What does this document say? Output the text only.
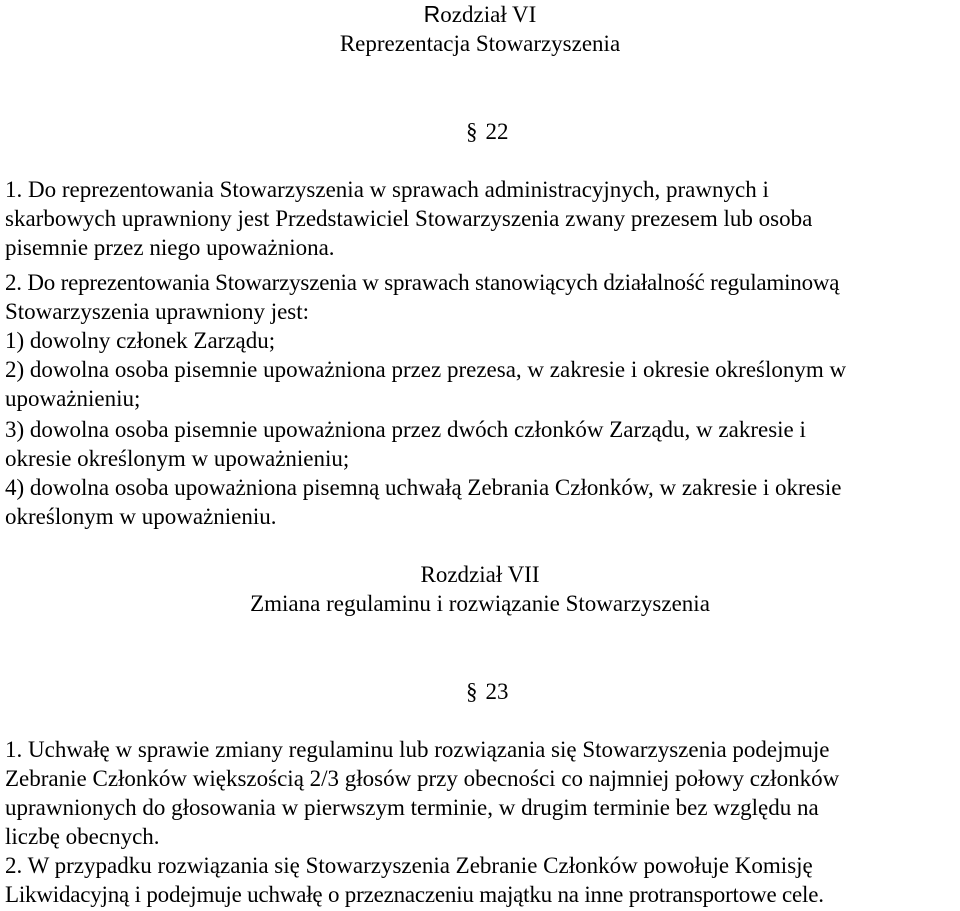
Rozdział VI
Reprezentacja Stowarzyszenia
§ 22
1. Do reprezentowania Stowarzyszenia w sprawach administracyjnych, prawnych i
skarbowych uprawniony jest Przedstawiciel Stowarzyszenia zwany prezesem lub osoba
pisemnie przez niego upoważniona.
2. Do reprezentowania Stowarzyszenia w sprawach stanowiących działalność regulaminową
Stowarzyszenia uprawniony jest:
1) dowolny członek Zarządu;
2) dowolna osoba pisemnie upoważniona przez prezesa, w zakresie i okresie określonym w
upoważnieniu;
3) dowolna osoba pisemnie upoważniona przez dwóch członków Zarządu, w zakresie i
okresie określonym w upoważnieniu;
4) dowolna osoba upoważniona pisemną uchwałą Zebrania Członków, w zakresie i okresie
określonym w upoważnieniu.
Rozdział VII
Zmiana regulaminu i rozwiązanie Stowarzyszenia
§ 23
1. Uchwałę w sprawie zmiany regulaminu lub rozwiązania się Stowarzyszenia podejmuje
Zebranie Członków większością 2/3 głosów przy obecności co najmniej połowy członków
uprawnionych do głosowania w pierwszym terminie, w drugim terminie bez względu na
liczbę obecnych.
2. W przypadku rozwiązania się Stowarzyszenia Zebranie Członków powołuje Komisję
Likwidacyjną i podejmuje uchwałę o przeznaczeniu majątku na inne protransportowe cele.
